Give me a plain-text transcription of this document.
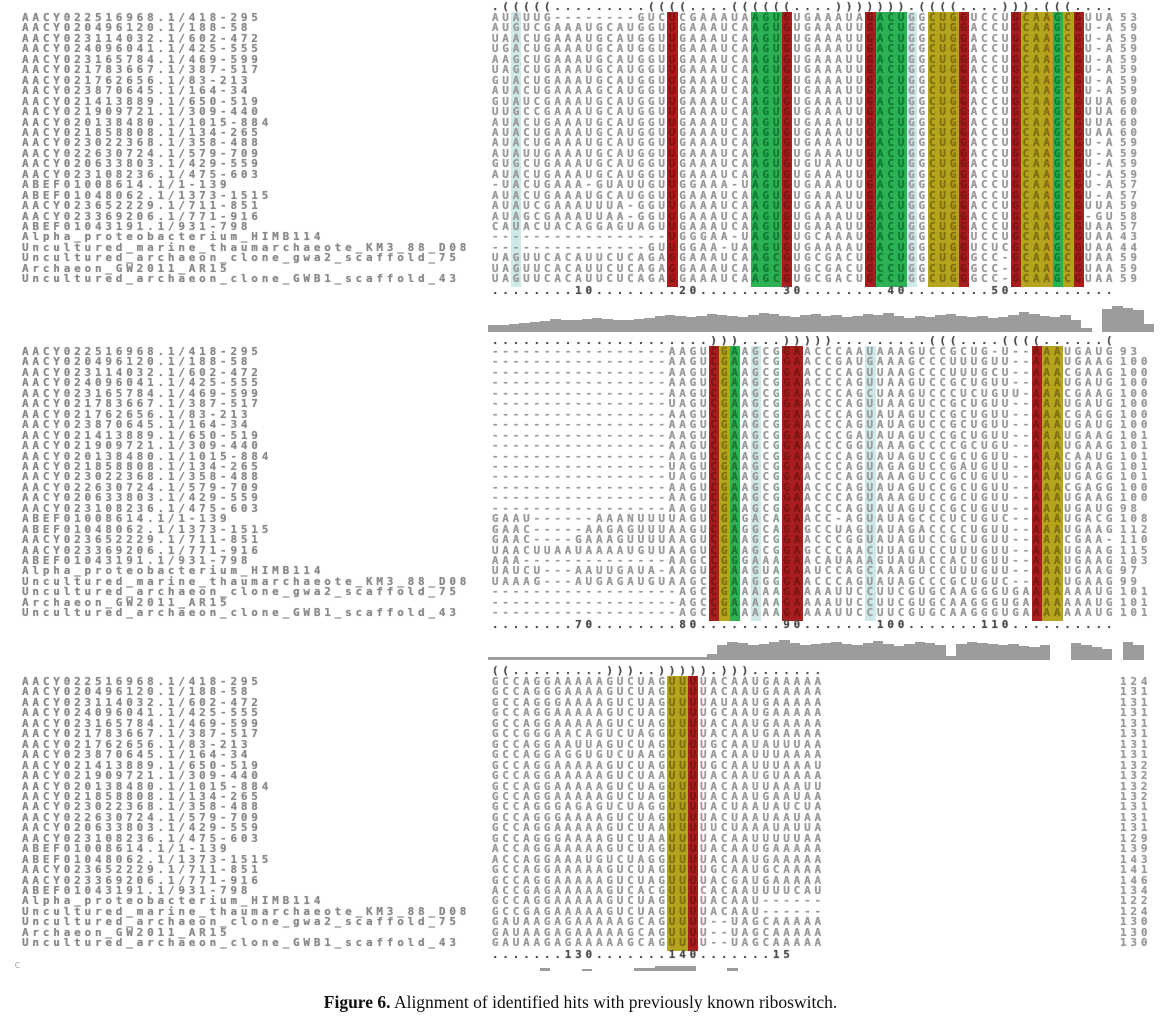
c
Figure 6. Alignment of identified hits with previously known riboswitch.
. ( ( ( ( ( . . . . . . . . . ( ( ( ( . . . . ( ( ( ( ( ( . . . . ) ) ) ) ) ) ) . ( ( ( ( . . . . ) ) ) . ( ( ( . . . .
AACY022516968.1/418-295	A U A U U G - - - - - - - - G U C U C G A A A U A A G U G U G A A A U A G A C U G G C U G G U C C U G C A A G C G U U A 53
AACY020496120.1/188-58	A U G U C G A A A U G C A U G G U U G A A A U C A A G U G U G A A A U U G A C U G G C U G G A C C U G C A A G C G U - A 59
AACY023114032.1/602-472	U A A C U G A A A U G C A U G G U U G A A A U C A A G U G U G A A A U U G A C U G G C U G G A C C U G C A A G C G U - A 59
AACY024096041.1/425-555	U G A C U G A A A U G C A U G G U U G A A A U C A A G U G U G A A A U U G A C U G G C U G G A C C U G C A A G C G U - A 59
AACY023165784.1/469-599	A A G C U G A A A U G C A U G G U U G A A A U C A A G U G U G A A A U U G A C U G G C U G G A C C U G C A A G C G U - A 59
AACY021783667.1/387-517	U A G C U G A A A U G C A U G G U U G A A A U C A A G U G U G A A A U U G A C U G G C U G G A C C U G C A A G C G U - A 59
AACY021762656.1/83-213	G U A C U G A A A U G C A U G G U U G A A A U C A A G U G U G A A A U U G A C U G G C U G G A C C U G C A A G C G U - A 59
AACY023870645.1/164-34	A U A C U G A A A A G C A U G G U U G A A A U C A A G U G U G A A A U U G A C U G G C U G G A C C U G C A A G C G U - A 59
AACY021413889.1/650-519	G U A U C G A A A U G C A U G G U U G A A A U C A A G U G U G A A A U U G A C U G G C U G G A C C U G C A A G C G U U A 60
AACY021909721.1/309-440	U U G C C G A A A U G C A U G G U U G A A A U C A A G U G U G A A A U U G A C U G G C U G G A C C U G C A A G C G U U A 60
AACY020138480.1/1015-884	A U A C U G A A A U G C A U G G U U G A A A U C A A G U G U G A A A U U G A C U G G C U G G A C C U G C A A G C G U U A 60
AACY021858808.1/134-265	A U A C U G A A A U G C A U G G U U G A A A U C A A G U G U G A A A U U G A C U G G C U G G A C C U G C A A G C G U A A 60
AACY023022368.1/358-488	A U A C U G A A A U G C A U G G U U G A A A U C A A G U G U G A A A U U G A C U G G C U G G A C C U G C A A G C G U - A 59
AACY022630724.1/579-709	A U A U U G A A A U G C A U G G U U G A A A U C A A G U G U G A A A U U G A C U G G C U G G A C C U G C A A G C G U - A 59
AACY020633803.1/429-559	G U G C U G A A A U G C A U G G U U G A A A U C A A G U G U G U A A U U G A C U G G C U G G A C C U G C A A G C G U - A 59
AACY023108236.1/475-603	A U A C U G A A A U G C A U G G U U G A A A U C A A G U G U G A A A U U G A C U G G C U G G A C C U G C A A G C G U - A 59
ABEF01008614.1/1-139	- U A C U G A A A - G U A U U G U U G G A A A - U A G U G U G A A A U U G A C U G G C U G G A C C U G C A A G C G U - A 57
ABEF01048062.1/1373-1515	A U A C U G A A A U G C A U G G U U G A A A U C A A G U G U G A A A U U G A C U G G C U G G A C C U G C A A G C G U - A 57
AACY023652229.1/711-851	A U A U C G A A A U U U A - G G U U G A A A U C A A G U G U G A A A U U G A C U G G C U G G A C C U G C A A G C G U U A 59
AACY023369206.1/771-916	A U A G C G A A A U U A A - G G U U G A A A U C A A G U G U G A A A U U G A C U G G C U G G A C C U G C A A G C G - G U 58
ABEF01043191.1/931-798	C A U A C U A C A G G A G U A G U U G A A A U C A A G U G U G A A A U U G A C U G G C U G G A C C U G C A A G C G U A A 57
Alpha_proteobacterium_HIMB114	- - - - - - - - - - - - - - - - - U G G G A A - U A G U G U G C A A A U G A C U G G C U G G U C C U G C A A G C G U A A 43
Uncultured_marine_thaumarchaeote_KM3_88_D08 - - - - - - - - - - - - - - - G U U G G A A - U A A G U G U G A A A A U G A C U G G C U G G U C U C G C A A G C G U A A 44
Uncultured_archaeon_clone_gwa2_scaffold_75	U A G U U C A C A U U C U C A G A G G A A A U C A A G C G U G C G A C U G C C U G G C U G G G C C - G C A A G C G U A A 59
Archaeon_GW2011_AR15	U A G U U C A C A U U C U C A G A G G A A A U C A A G C G U G C G A C U G C C U G G C U G G G C C - G C A A G C G U A A 59
Uncultured_archaeon_clone_GWB1_scaffold_43	U A G U U C A C A U U C U C A G A G G A A A U C A A G C G U G C G A C U G C C U G G C U G G G C C - G C A A G C G U A A 59
. . . . . . . . 1 0 . . . . . . . . 2 0 . . . . . . . . 3 0 . . . . . . . . 4 0 . . . . . . . . 5 0 . . . . . . . . . .
. . . . . . . . . . . . . . . . . . . . . ) ) ) . . . . ) ) ) ) ) . . . . . . . . . ( ( ( . . . . ( ( ( ( . . . . . . (
AACY022516968.1/418-295	- - - - - - - - - - - - - - - - - A A G U C G A A G C G G A A C C C A A U A A A G U C C G C U G - U - - A A A U G A U G 93
AACY020496120.1/188-58	- - - - - - - - - - - - - - - - - A A G U C G A A G C G G A A C C G A U G A A A G C C C U U U G U U - - A A A U G A A G 100
AACY023114032.1/602-472	- - - - - - - - - - - - - - - - - A A G U C G A A G C G G A A C C C A G U U A A G C C C U U U G C U - - A A A C G A A G 100
AACY024096041.1/425-555	- - - - - - - - - - - - - - - - - A A G U C G A A G C G G A A C C C A G U U A A G U C C G C U G U U - - A A A U G A U G 100
AACY023165784.1/469-599	- - - - - - - - - - - - - - - - - A A G U C G A A G C G G A A C C C A G C U A A G U C C C U C U G U U - A A A C G A A G 100
AACY021783667.1/387-517	- - - - - - - - - - - - - - - - - U A G U C G A A G C G G A A C C C A G U U A A G U C C G C U G U U - - A A A U G A U G 100
AACY021762656.1/83-213	- - - - - - - - - - - - - - - - - A A G U C G A A G C G G A A C C C A G U A U A G U C C G C U G U U - - A A A C G A G G 100
AACY023870645.1/164-34	- - - - - - - - - - - - - - - - - A A G U C G A A G C G G A A C C C A G U A U A G U C C G C U G U U - - A A A U G A U G 100
AACY021413889.1/650-519	- - - - - - - - - - - - - - - - - A A G U C G A A G C G G A A C C C G A U A U A G U C C G C U G U U - - A A A U G A A G 101
AACY021909721.1/309-440	- - - - - - - - - - - - - - - - - A A G U C G A A G C G G A A C C C G G U A A A G C C C C G C U G U - - A A A U G A A G 101
AACY020138480.1/1015-884	- - - - - - - - - - - - - - - - - A A G U C G A A G C G G A A C C C A G U A U A G U C C G C U G U U - - A A A C A A U G 101
AACY021858808.1/134-265	- - - - - - - - - - - - - - - - - U A G U C G A A G C G G A A C C C A G U A G A G U C C G A U G U U - - A A A U G A A G 101
AACY023022368.1/358-488	- - - - - - - - - - - - - - - - - U A G U C G A A G C G G A A C C C A G U A A A G U C C G C U G U U - - A A A U G A G G 101
AACY022630724.1/579-709	- - - - - - - - - - - - - - - - - A A G U C G A A G C G G A A C C C A G U A U A G U C C G C U G U U - - A A A C G A G G 100
AACY020633803.1/429-559	- - - - - - - - - - - - - - - - - A A G U C G A A G C G G A A C C C A G U A A A G U C C G C U G U U - - A A A U G A A G 100
AACY023108236.1/475-603	- - - - - - - - - - - - - - - - - A A G U C G A A G C G G A A C C C A G U A U A G U C C G C U G U U - - A A A U G A U G 98
ABEF01008614.1/1-139	G A A U - - - - - - A A A N U U U U A G U C G A G A C A G A A C C - A G U A U A G C C C U C U G U C - - A A A U G A C G 108
ABEF01048062.1/1373-1515	G A A C - - - - - A A G A G U U U A A G U C G A G G C A G A G C C U A G U A U A G A C C C C U G U U - - A A A U G A A G 112
AACY023652229.1/711-851	G A A C - - - - G A A A G U U U U A A G U C G A A G C G G A A C C C G G U A U A G U C C G C U G U U - - A A A C G A A - 110
AACY023369206.1/771-916	U A A C U U A A U A A A A U G U U A A G U C G A A G C G G A G C C C A A C U U A G U C C U U U G U U - - A A A U G A A G 115
ABEF01043191.1/931-798	A A A - - - - - - - - - - - - - - A A G C C G G G A A A G A A C A U A A A G U A U A C C A C U G U U - - A A A U G A A G 103
Alpha_proteobacterium_HIMB114	U A U C U - - - A A U U G A U A - A A G U C G A A G U A G A A U C C A G C A A A G U C C U U U G U U - - A A A U G A A G 97
Uncultured_marine_thaumarchaeote_KM3_88_D08 U A A A G - - - A U G A G A U G U A A G C C G A A G G G G A A C C C A G U A U A G C C C G C U G U C - - A A A U G A A G 99
Uncultured_archaeon_clone_gwa2_scaffold_75	- - - - - - - - - - - - - - - - - - A G C C G A A A A A G A A A A U U C C U U C G U G C A A G G G U G A A A A A A A U G 101
Archaeon_GW2011_AR15	- - - - - - - - - - - - - - - - - - A G C C G A A A A A G A A A A U U C C U U C G U G C A A G G G U G A A A A A A A U G 101
Uncultured_archaeon_clone_GWB1_scaffold_43	- - - - - - - - - - - - - - - - - - A G C C G A A A A A G A A A A U U C C U U C G U G C A A G G G U G A A A A A A A U G 101
. . . . . . . . 7 0 . . . . . . . . 8 0 . . . . . . . . 9 0 . . . . . . . 1 0 0 . . . . . . . 1 1 0 . . . . . . . . . .
( ( . . . . . . . . . ) ) ) . . ) ) ) ) ) . ) ) ) . . . . . . .
AACY022516968.1/418-295	G C C A G G A A A A A G U C U A G U U U U A C A A U G A A A A A	124
AACY020496120.1/188-58	G C C A G G G A A A A G U C U A G U U U U A C A A U G A A A A A	131
AACY023114032.1/602-472	G C C A G G G A A A A G U C U A G U U U U A U A A U G A A A A A	131
AACY024096041.1/425-555	G C C A G G A A A A A G U C U A G U U U U G C A A U G A A A A A	131
AACY023165784.1/469-599	G C C A G G A A A A A G U C U A G U U U U A C A A U G A A A A A	131
AACY021783667.1/387-517	G C C G G G A A C A G U C U A G G U U U U A C A A U G A A A A A	131
AACY021762656.1/83-213	G C C A G G A A U U A G U C U A G U U U U G C A A U A U U U A A	131
AACY023870645.1/164-34	G C C A G G A G G U G U C U A A G U U U U A C A A U U U A A A A	131
AACY021413889.1/650-519	G C C A G G A A A A A G U C U A G U U U U G C A A U U U A A A U	132
AACY021909721.1/309-440	G C C A G G A A A A A G U C U A A U U U U A C A A U G U A A A A	132
AACY020138480.1/1015-884	G C C A G G A A A A A G U C U A G U U U U A C A A U U A A A U U	132
AACY021858808.1/134-265	G C C A G G A A A A A G U C U A G U U U U A C A A U G A A U A A	132
AACY023022368.1/358-488	G C C A G G G A G A G U C U A G G U U U U A C U A A U A U C U A	131
AACY022630724.1/579-709	G C C A G G G A A A A G U C U A G U U U U A C U A A U A A U A A	131
AACY020633803.1/429-559	G C C A G G A A A A A G U C U A A U U U U U C U A A A U A U U A	131
AACY023108236.1/475-603	G C C A G G G A A A A G U C U A A U U U U A C A A U U U U U A A	129
ABEF01008614.1/1-139	A C C A G G A A A A A G U C U A G U U U U A C A A U G A A A A A	139
ABEF01048062.1/1373-1515	A C C A G G A A A U G U C U A G G U U U U A C A A U G A A A A A	143
AACY023652229.1/711-851	G C C A G G A A A A A G U C U A G U U U U G C A A U G C A A A A	141
AACY023369206.1/771-916	G C C A G G A A A A A G U C U A G U U U U A C G A U G A A A A A	146
ABEF01043191.1/931-798	A C C G A G A A A A A G U C A C G U U U C A C A A U U U U C A U	134
Alpha_proteobacterium_HIMB114	G C C A G G A A A A A G U C U A G U U U U A C A A U - - - - - -	122
Uncultured_marine_thaumarchaeote_KM3_88_D08 G C C G A G A A A A A G U C U A G U U U U A C A A U - - - - - -	124
Uncultured_archaeon_clone_gwa2_scaffold_75	G A U A A G A G A A A A A G C A G U U U U - - U A G C A A A A A	130
Archaeon_GW2011_AR15	G A U A A G A G A A A A A G C A G U U U U - - U A G C A A A A A	130
Uncultured_archaeon_clone_GWB1_scaffold_43	G A U A A G A G A A A A A G C A G U U U U - - U A G C A A A A A	130
. . . . . . . 1 3 0 . . . . . . . 1 4 0 . . . . . . . 1 5
